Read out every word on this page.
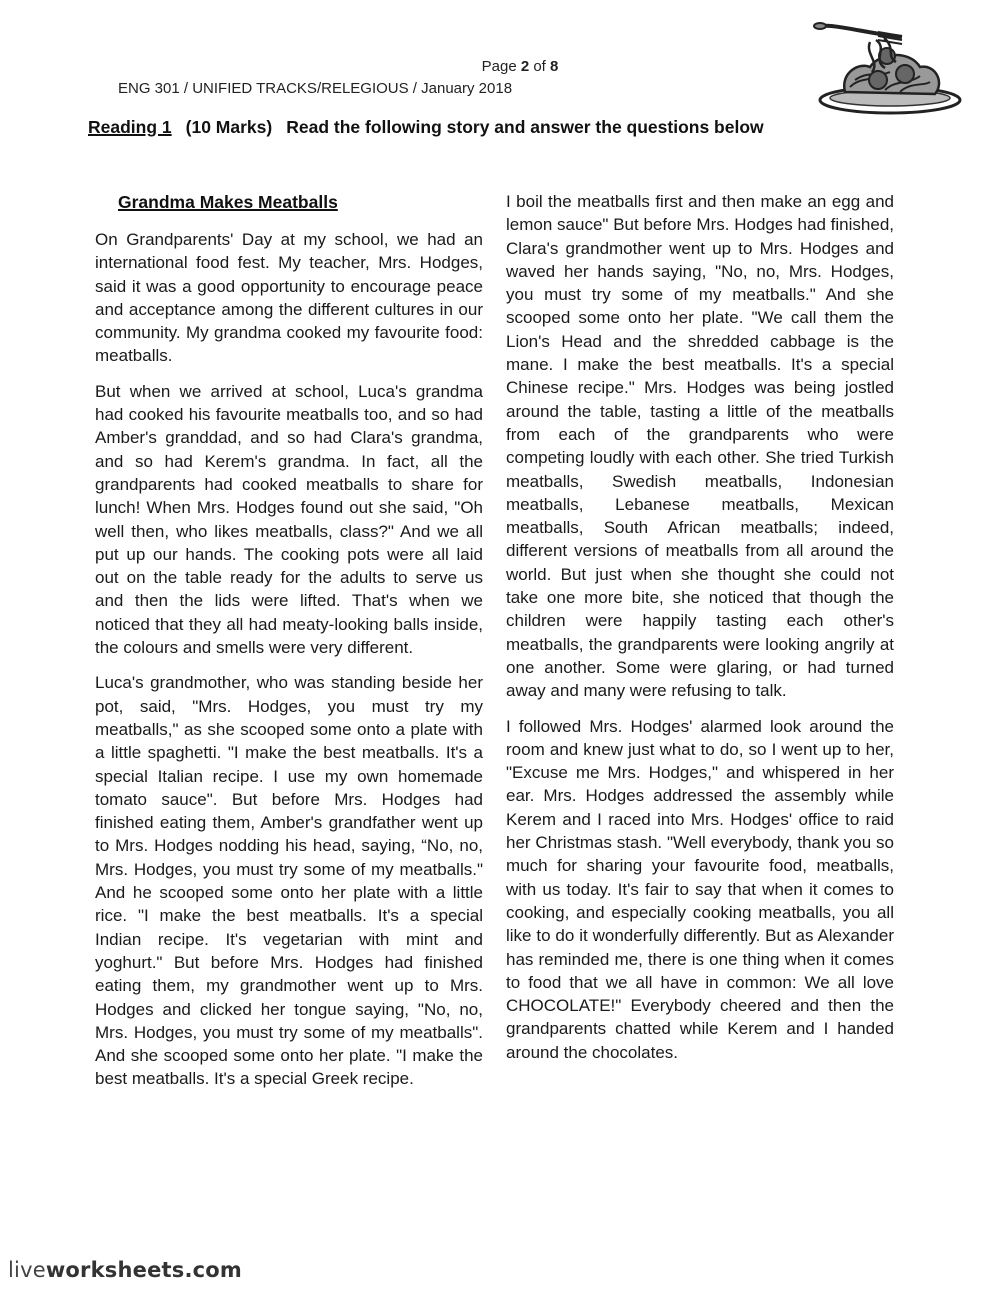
Page 2 of 8
ENG 301 / UNIFIED TRACKS/RELEGIOUS / January 2018
Reading 1 (10 Marks) Read the following story and answer the questions below
Grandma Makes Meatballs

On Grandparents' Day at my school, we had an international food fest. My teacher, Mrs. Hodges, said it was a good opportunity to encourage peace and acceptance among the different cultures in our community. My grandma cooked my favourite food: meatballs.

But when we arrived at school, Luca's grandma had cooked his favourite meatballs too, and so had Amber's granddad, and so had Clara's grandma, and so had Kerem's grandma. In fact, all the grandparents had cooked meatballs to share for lunch! When Mrs. Hodges found out she said, "Oh well then, who likes meatballs, class?" And we all put up our hands. The cooking pots were all laid out on the table ready for the adults to serve us and then the lids were lifted. That's when we noticed that they all had meaty-looking balls inside, the colours and smells were very different.

Luca's grandmother, who was standing beside her pot, said, "Mrs. Hodges, you must try my meatballs," as she scooped some onto a plate with a little spaghetti. "I make the best meatballs. It's a special Italian recipe. I use my own homemade tomato sauce". But before Mrs. Hodges had finished eating them, Amber's grandfather went up to Mrs. Hodges nodding his head, saying, “No, no, Mrs. Hodges, you must try some of my meatballs." And he scooped some onto her plate with a little rice. "I make the best meatballs. It's a special Indian recipe. It's vegetarian with mint and yoghurt." But before Mrs. Hodges had finished eating them, my grandmother went up to Mrs. Hodges and clicked her tongue saying, "No, no, Mrs. Hodges, you must try some of my meatballs". And she scooped some onto her plate. "I make the best meatballs. It's a special Greek recipe.

I boil the meatballs first and then make an egg and lemon sauce" But before Mrs. Hodges had finished, Clara's grandmother went up to Mrs. Hodges and waved her hands saying, "No, no, Mrs. Hodges, you must try some of my meatballs." And she scooped some onto her plate. "We call them the Lion's Head and the shredded cabbage is the mane. I make the best meatballs. It's a special Chinese recipe." Mrs. Hodges was being jostled around the table, tasting a little of the meatballs from each of the grandparents who were competing loudly with each other. She tried Turkish meatballs, Swedish meatballs, Indonesian meatballs, Lebanese meatballs, Mexican meatballs, South African meatballs; indeed, different versions of meatballs from all around the world. But just when she thought she could not take one more bite, she noticed that though the children were happily tasting each other's meatballs, the grandparents were looking angrily at one another. Some were glaring, or had turned away and many were refusing to talk.

I followed Mrs. Hodges' alarmed look around the room and knew just what to do, so I went up to her, "Excuse me Mrs. Hodges," and whispered in her ear. Mrs. Hodges addressed the assembly while Kerem and I raced into Mrs. Hodges' office to raid her Christmas stash. "Well everybody, thank you so much for sharing your favourite food, meatballs, with us today. It's fair to say that when it comes to cooking, and especially cooking meatballs, you all like to do it wonderfully differently. But as Alexander has reminded me, there is one thing when it comes to food that we all have in common: We all love CHOCOLATE!" Everybody cheered and then the grandparents chatted while Kerem and I handed around the chocolates.

liveworksheets.com
